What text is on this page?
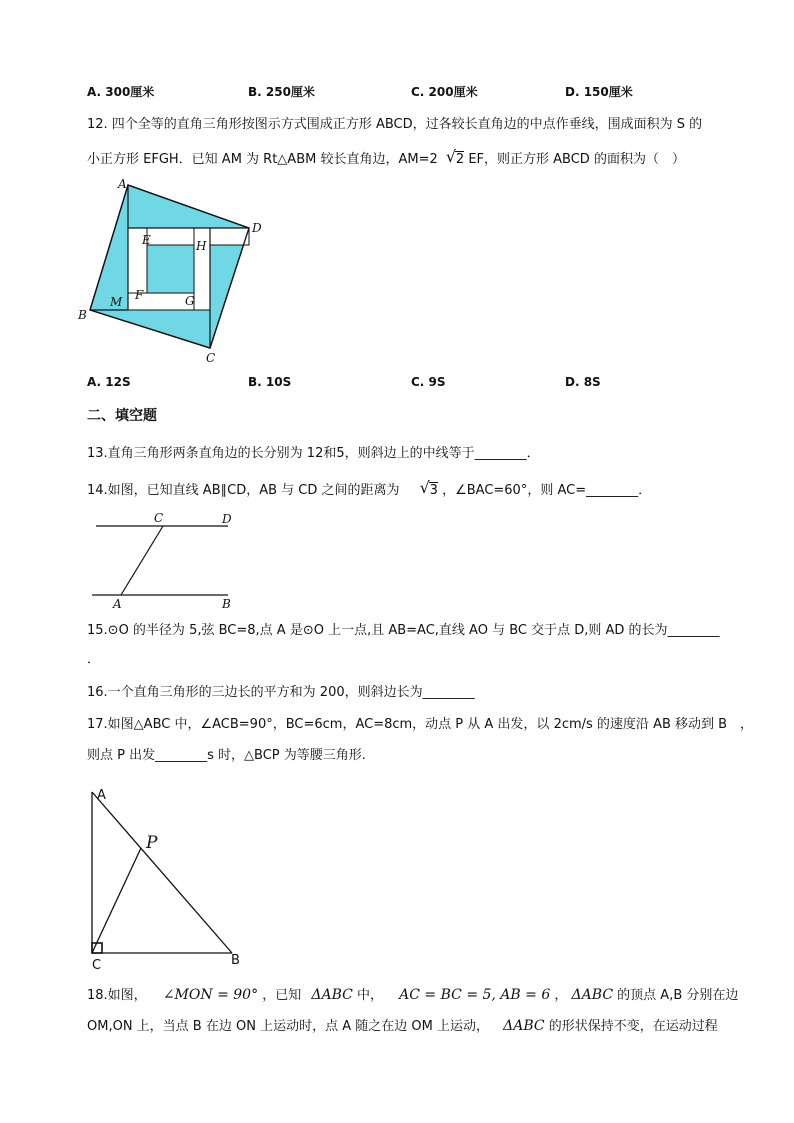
A. 300厘米	B. 250厘米	C. 200厘米	D. 150厘米
12. 四个全等的直角三角形按图示方式围成正方形 ABCD，过各较长直角边的中点作垂线，围成面积为 S 的
小正方形 EFGH．已知 AM 为 Rt△ABM 较长直角边，AM=2 √ 2 EF，则正方形 ABCD 的面积为（　）
A
D
B
C
E	H
F	G
M
A. 12S	B. 10S	C. 9S	D. 8S
二、填空题
13.直角三角形两条直角边的长分别为 12和5，则斜边上的中线等于________．
14.如图，已知直线 AB∥CD，AB 与 CD 之间的距离为 √ 3 ，∠BAC=60°，则 AC=________．
C	D
A	B
15.⊙O 的半径为 5,弦 BC=8,点 A 是⊙O 上一点,且 AB=AC,直线 AO 与 BC 交于点 D,则 AD 的长为________
．
16.一个直角三角形的三边长的平方和为 200，则斜边长为________
17.如图△ABC 中，∠ACB=90°，BC=6cm，AC=8cm，动点 P 从 A 出发，以 2cm/s 的速度沿 AB 移动到 B　，
则点 P 出发________s 时，△BCP 为等腰三角形.
A
P
C	B
18.如图， ∠MON = 90° ，已知 ΔABC 中， AC = BC = 5, AB = 6 ， ΔABC 的顶点 A,B 分别在边
OM,ON 上，当点 B 在边 ON 上运动时，点 A 随之在边 OM 上运动， ΔABC 的形状保持不变，在运动过程
